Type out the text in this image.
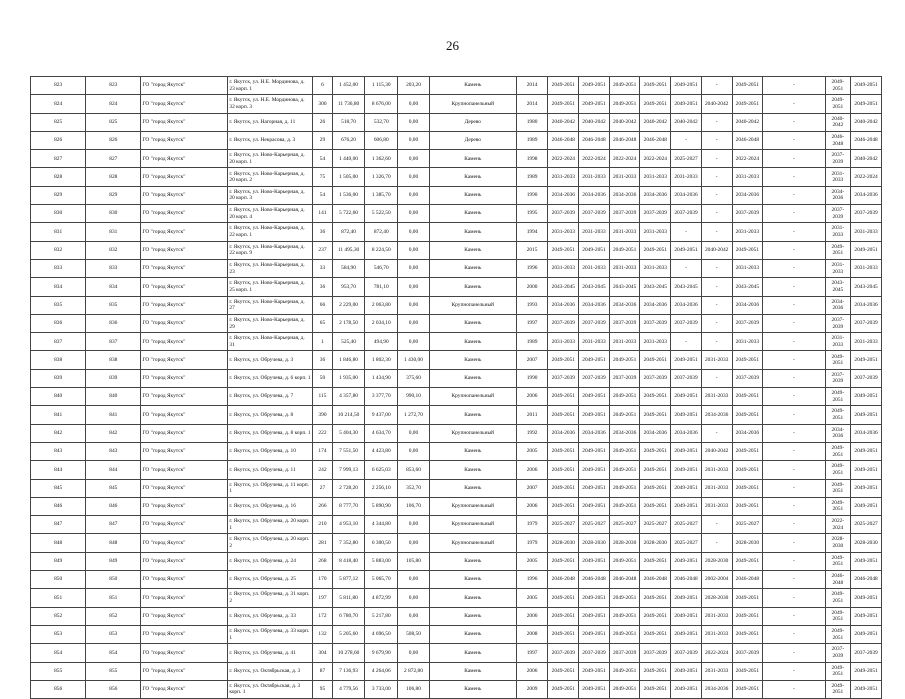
26
823	823	ГО "город Якутск"	г. Якутск, ул. Н.Е. Мординова, д. 23 корп. 1	6	1 452,00	1 115,30	203,20	Камень	2014	2049-2051	2049-2051	2049-2051	2049-2051	2049-2051	-	2049-2051	-	2049-2051	2049-2051
824	824	ГО "город Якутск"	г. Якутск, ул. Н.Е. Мординова, д. 32 корп. 3	300	11 736,80	8 676,00	0,00	Крупнопанельный	2014	2049-2051	2049-2051	2049-2051	2049-2051	2049-2051	2040-2042	2049-2051	-	2049-2051	2049-2051
825	825	ГО "город Якутск"	г. Якутск, ул. Нагорная, д. 11	26	518,70	532,70	0,00	Дерево	1980	2040-2042	2040-2042	2040-2042	2040-2042	2040-2042	-	2040-2042	-	2040-2042	2040-2042
826	826	ГО "город Якутск"	г. Якутск, ул. Некрасова, д. 3	29	676,20	606,80	0,00	Дерево	1989	2046-2048	2046-2048	2046-2048	2046-2048	-	-	2046-2048	-	2046-2048	2046-2048
827	827	ГО "город Якутск"	г. Якутск, ул. Ново-Карьерная, д. 20 корп. 1	54	1 440,00	1 362,60	0,00	Камень	1998	2022-2024	2022-2024	2022-2024	2022-2024	2025-2027	-	2022-2024	-	2037-2039	2040-2042
828	828	ГО "город Якутск"	г. Якутск, ул. Ново-Карьерная, д. 20 корп. 2	75	1 505,00	1 326,70	0,00	Камень	1989	2031-2033	2031-2033	2031-2033	2031-2033	2031-2033	-	2031-2033	-	2031-2033	2022-2024
829	829	ГО "город Якутск"	г. Якутск, ул. Ново-Карьерная, д. 20 корп. 3	54	1 536,00	1 385,70	0,00	Камень	1990	2034-2036	2034-2036	2034-2036	2034-2036	2034-2036	-	2034-2036	-	2034-2036	2034-2036
830	830	ГО "город Якутск"	г. Якутск, ул. Ново-Карьерная, д. 20 корп. 4	141	5 722,60	5 522,50	0,00	Камень	1995	2037-2039	2037-2039	2037-2039	2037-2039	2037-2039	-	2037-2039	-	2037-2039	2037-2039
831	831	ГО "город Якутск"	г. Якутск, ул. Ново-Карьерная, д. 22 корп. 1	36	872,40	872,40	0,00	Камень	1994	2031-2033	2031-2033	2031-2033	2031-2033	-	-	2031-2033	-	2031-2033	2031-2033
832	832	ГО "город Якутск"	г. Якутск, ул. Ново-Карьерная, д. 22 корп. 9	237	11 495,30	8 224,50	0,00	Камень	2015	2049-2051	2049-2051	2049-2051	2049-2051	2049-2051	2040-2042	2049-2051	-	2049-2051	2049-2051
833	833	ГО "город Якутск"	г. Якутск, ул. Ново-Карьерная, д. 23	33	584,90	546,70	0,00	Камень	1996	2031-2033	2031-2033	2031-2033	2031-2033	-	-	2031-2033	-	2031-2033	2031-2033
834	834	ГО "город Якутск"	г. Якутск, ул. Ново-Карьерная, д. 25 корп. 1	36	953,70	781,10	0,00	Камень	2000	2043-2045	2043-2045	2043-2045	2043-2045	2043-2045	-	2043-2045	-	2043-2045	2043-2045
835	835	ГО "город Якутск"	г. Якутск, ул. Ново-Карьерная, д. 27	66	2 229,00	2 063,80	0,00	Крупнопанельный	1993	2034-2036	2034-2036	2034-2036	2034-2036	2034-2036	-	2034-2036	-	2034-2036	2034-2036
836	836	ГО "город Якутск"	г. Якутск, ул. Ново-Карьерная, д. 29	65	2 178,50	2 034,10	0,00	Камень	1997	2037-2039	2037-2039	2037-2039	2037-2039	2037-2039	-	2037-2039	-	2037-2039	2037-2039
837	837	ГО "город Якутск"	г. Якутск, ул. Ново-Карьерная, д. 31	1	525,40	494,90	0,00	Камень	1989	2031-2033	2031-2033	2031-2033	2031-2033	-	-	2031-2033	-	2031-2033	2031-2033
838	838	ГО "город Якутск"	г. Якутск, ул. Обручева, д. 3	36	1 846,80	1 802,30	1 430,00	Камень	2007	2049-2051	2049-2051	2049-2051	2049-2051	2049-2051	2031-2033	2049-2051	-	2049-2051	2049-2051
839	839	ГО "город Якутск"	г. Якутск, ул. Обручева, д. 6 корп. 1	50	1 935,00	1 434,90	375,60	Камень	1990	2037-2039	2037-2039	2037-2039	2037-2039	2037-2039	-	2037-2039	-	2037-2039	2037-2039
840	840	ГО "город Якутск"	г. Якутск, ул. Обручева, д. 7	115	4 357,80	3 377,70	990,10	Крупнопанельный	2006	2049-2051	2049-2051	2049-2051	2049-2051	2049-2051	2031-2033	2049-2051	-	2049-2051	2049-2051
841	841	ГО "город Якутск"	г. Якутск, ул. Обручева, д. 8	390	10 214,50	9 437,00	1 272,70	Камень	2011	2049-2051	2049-2051	2049-2051	2049-2051	2049-2051	2034-2036	2049-2051	-	2049-2051	2049-2051
842	842	ГО "город Якутск"	г. Якутск, ул. Обручева, д. 8 корп. 1	222	5 404,30	4 634,70	0,00	Крупнопанельный	1992	2034-2036	2034-2036	2034-2036	2034-2036	2034-2036	-	2034-2036	-	2034-2036	2034-2036
843	843	ГО "город Якутск"	г. Якутск, ул. Обручева, д. 10	174	7 551,50	4 423,80	0,00	Камень	2005	2049-2051	2049-2051	2049-2051	2049-2051	2049-2051	2040-2042	2049-2051	-	2049-2051	2049-2051
844	844	ГО "город Якутск"	г. Якутск, ул. Обручева, д. 11	242	7 999,13	6 625,03	853,60	Камень	2006	2049-2051	2049-2051	2049-2051	2049-2051	2049-2051	2031-2033	2049-2051	-	2049-2051	2049-2051
845	845	ГО "город Якутск"	г. Якутск, ул. Обручева, д. 11 корп. 1	27	2 728,20	2 256,10	352,70	Камень	2007	2049-2051	2049-2051	2049-2051	2049-2051	2049-2051	2031-2033	2049-2051	-	2049-2051	2049-2051
846	846	ГО "город Якутск"	г. Якутск, ул. Обручева, д. 16	266	8 777,70	5 890,90	106,70	Крупнопанельный	2006	2049-2051	2049-2051	2049-2051	2049-2051	2049-2051	2031-2033	2049-2051	-	2049-2051	2049-2051
847	847	ГО "город Якутск"	г. Якутск, ул. Обручева, д. 20 корп. 1	210	4 953,10	4 344,80	0,00	Крупнопанельный	1979	2025-2027	2025-2027	2025-2027	2025-2027	2025-2027	-	2025-2027	-	2022-2024	2025-2027
848	848	ГО "город Якутск"	г. Якутск, ул. Обручева, д. 20 корп. 2	281	7 352,80	6 300,50	0,00	Крупнопанельный	1979	2028-2030	2028-2030	2028-2030	2028-2030	2025-2027	-	2028-2030	-	2028-2030	2028-2030
849	849	ГО "город Якутск"	г. Якутск, ул. Обручева, д. 24	268	8 418,40	5 883,00	105,80	Камень	2005	2049-2051	2049-2051	2049-2051	2049-2051	2049-2051	2028-2030	2049-2051	-	2049-2051	2049-2051
850	850	ГО "город Якутск"	г. Якутск, ул. Обручева, д. 25	170	5 877,12	5 065,70	0,00	Камень	1996	2046-2048	2046-2048	2046-2048	2046-2048	2046-2048	2002-2004	2046-2048	-	2046-2048	2046-2048
851	851	ГО "город Якутск"	г. Якутск, ул. Обручева, д. 31 корп. 2	197	5 811,80	4 872,99	0,00	Камень	2005	2049-2051	2049-2051	2049-2051	2049-2051	2049-2051	2028-2030	2049-2051	-	2049-2051	2049-2051
852	852	ГО "город Якутск"	г. Якутск, ул. Обручева, д. 33	172	6 780,70	5 217,80	0,00	Камень	2006	2049-2051	2049-2051	2049-2051	2049-2051	2049-2051	2031-2033	2049-2051	-	2049-2051	2049-2051
853	853	ГО "город Якутск"	г. Якутск, ул. Обручева, д. 33 корп. 1	132	5 205,60	4 696,50	508,50	Камень	2008	2049-2051	2049-2051	2049-2051	2049-2051	2049-2051	2031-2033	2049-2051	-	2049-2051	2049-2051
854	854	ГО "город Якутск"	г. Якутск, ул. Обручева, д. 41	304	10 278,60	9 679,90	0,00	Камень	1997	2037-2039	2037-2039	2037-2039	2037-2039	2037-2039	2022-2024	2037-2039	-	2037-2039	2037-2039
855	855	ГО "город Якутск"	г. Якутск, ул. Октябрьская, д. 3	87	7 136,93	4 264,06	2 872,80	Камень	2006	2049-2051	2049-2051	2049-2051	2049-2051	2049-2051	2031-2033	2049-2051	-	2049-2051	2049-2051
856	856	ГО "город Якутск"	г. Якутск, ул. Октябрьская, д. 3 корп. 1	95	4 779,56	3 733,00	106,80	Камень	2009	2049-2051	2049-2051	2049-2051	2049-2051	2049-2051	2034-2036	2049-2051	-	2049-2051	2049-2051
